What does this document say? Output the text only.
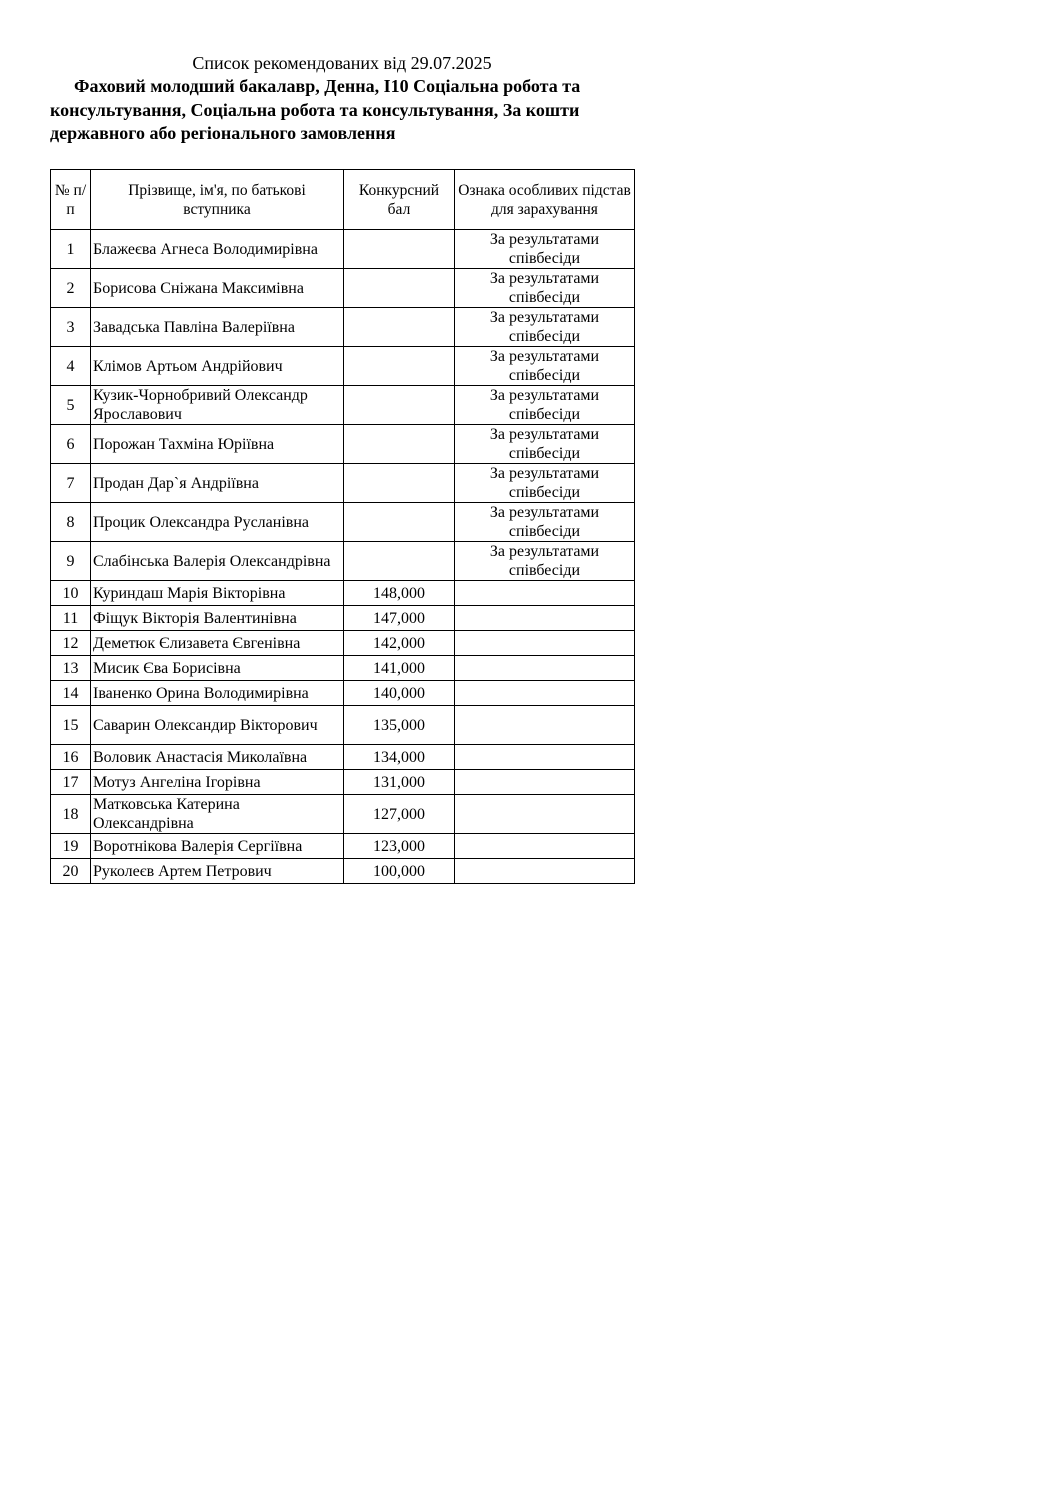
Список рекомендованих від 29.07.2025
Фаховий молодший бакалавр, Денна, I10 Соціальна робота та консультування, Соціальна робота та консультування, За кошти державного або регіонального замовлення
№ п/п	Прізвище, ім'я, по батькові вступника	Конкурсний бал	Ознака особливих підстав для зарахування
1	Блажеєва Агнеса Володимирівна		За результатами співбесіди
2	Борисова Сніжана Максимівна		За результатами співбесіди
3	Завадська Павліна Валеріївна		За результатами співбесіди
4	Клімов Артьом Андрійович		За результатами співбесіди
5	Кузик-Чорнобривий Олександр Ярославович		За результатами співбесіди
6	Порожан Тахміна Юріївна		За результатами співбесіди
7	Продан Дар`я Андріївна		За результатами співбесіди
8	Процик Олександра Русланівна		За результатами співбесіди
9	Слабінська Валерія Олександрівна		За результатами співбесіди
10	Куриндаш Марія Вікторівна	148,000	
11	Фіщук Вікторія Валентинівна	147,000	
12	Деметюк Єлизавета Євгенівна	142,000	
13	Мисик Єва Борисівна	141,000	
14	Іваненко Орина Володимирівна	140,000	
15	Саварин Олександир Вікторович	135,000	
16	Воловик Анастасія Миколаївна	134,000	
17	Мотуз Ангеліна Ігорівна	131,000	
18	Матковська Катерина Олександрівна	127,000	
19	Воротнікова Валерія Сергіївна	123,000	
20	Руколеєв Артем Петрович	100,000	
